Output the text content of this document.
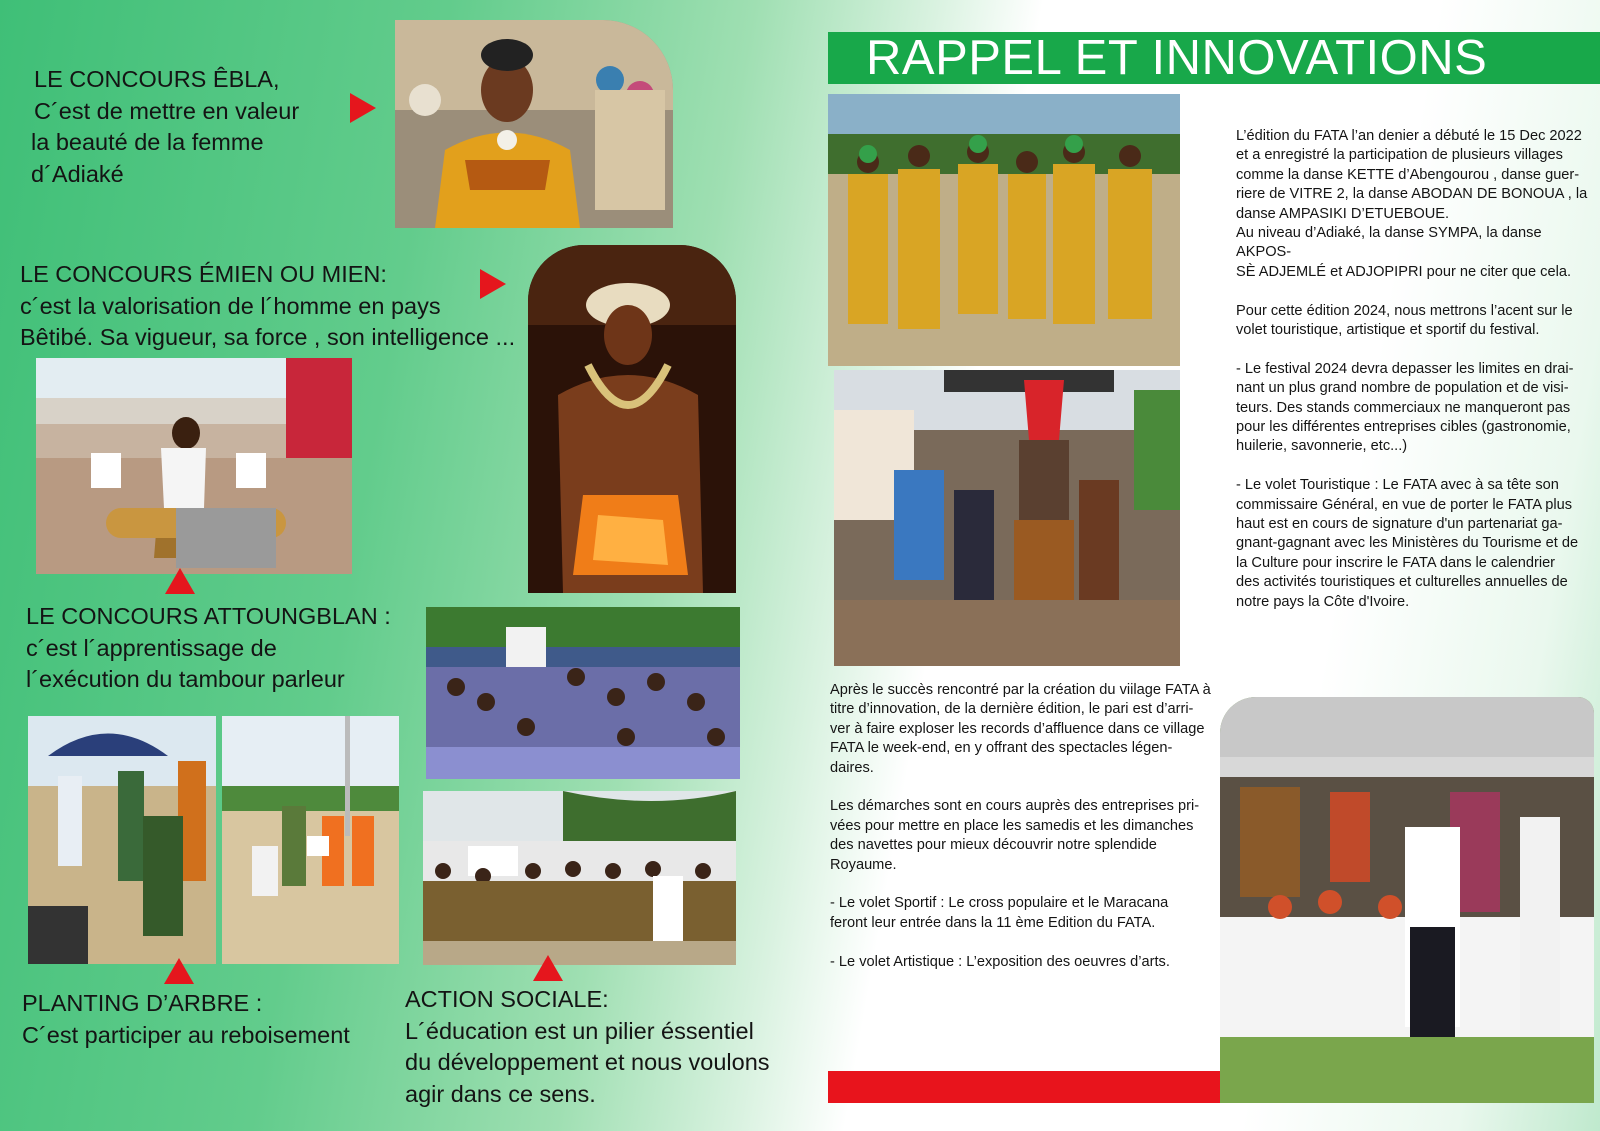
LE CONCOURS ÊBLA,
C´est de mettre en valeur
la beauté de la femme
d´Adiaké
LE CONCOURS ÉMIEN OU MIEN:
c´est la valorisation de l´homme en pays
Bêtibé. Sa vigueur, sa force , son intelligence ...
LE CONCOURS ATTOUNGBLAN :
c´est l´apprentissage de
l´exécution du tambour parleur
PLANTING D’ARBRE :
C´est participer au reboisement
ACTION SOCIALE:
L´éducation est un pilier éssentiel
du développement et nous voulons
agir dans ce sens.
RAPPEL ET INNOVATIONS

L’édition du FATA l’an denier a débuté le 15 Dec 2022
et a enregistré la participation de plusieurs villages
comme la danse KETTE d’Abengourou , danse guer-
riere de VITRE 2, la danse ABODAN DE BONOUA , la
danse AMPASIKI D’ETUEBOUE.
Au niveau d’Adiaké, la danse SYMPA, la danse AKPOS-
SÈ ADJEMLÉ et ADJOPIPRI pour ne citer que cela.

Pour cette édition 2024, nous mettrons l’acent sur le
volet touristique, artistique et sportif du festival.

- Le festival 2024 devra depasser les limites en drai-
nant un plus grand nombre de population et de visi-
teurs. Des stands commerciaux ne manqueront pas
pour les différentes entreprises cibles (gastronomie,
huilerie, savonnerie, etc...)

- Le volet Touristique : Le FATA avec à sa tête son
commissaire Général, en vue de porter le FATA plus
haut est en cours de signature d'un partenariat ga-
gnant-gagnant avec les Ministères du Tourisme et de
la Culture pour inscrire le FATA dans le calendrier
des activités touristiques et culturelles annuelles de
notre pays la Côte d'Ivoire.

Après le succès rencontré par la création du viilage FATA à
titre d’innovation, de la dernière édition, le pari est d’arri-
ver à faire exploser les records d’affluence dans ce village
FATA le week-end, en y offrant des spectacles légen-
daires.

Les démarches sont en cours auprès des entreprises pri-
vées pour mettre en place les samedis et les dimanches
des navettes pour mieux découvrir notre splendide
Royaume.

- Le volet Sportif : Le cross populaire et le Maracana
feront leur entrée dans la 11 ème Edition du FATA.

- Le volet Artistique : L’exposition des oeuvres d’arts.
